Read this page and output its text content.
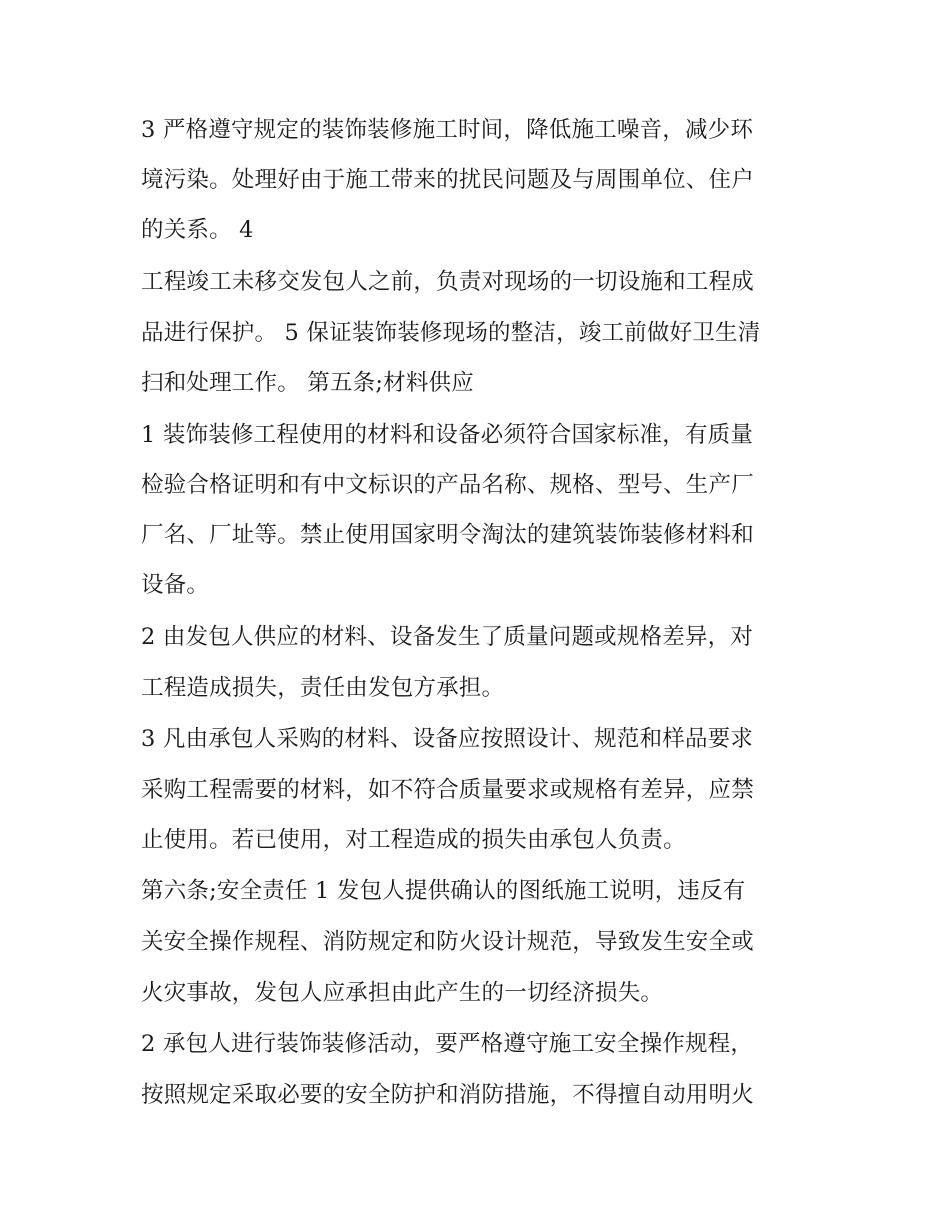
3 严格遵守规定的装饰装修施工时间，降低施工噪音，减少环
境污染。处理好由于施工带来的扰民问题及与周围单位、住户
的关系。 4
工程竣工未移交发包人之前，负责对现场的一切设施和工程成
品进行保护。 5 保证装饰装修现场的整洁，竣工前做好卫生清
扫和处理工作。 第五条;材料供应
1 装饰装修工程使用的材料和设备必须符合国家标准，有质量
检验合格证明和有中文标识的产品名称、规格、型号、生产厂
厂名、厂址等。禁止使用国家明令淘汰的建筑装饰装修材料和
设备。
2 由发包人供应的材料、设备发生了质量问题或规格差异，对
工程造成损失，责任由发包方承担。
3 凡由承包人采购的材料、设备应按照设计、规范和样品要求
采购工程需要的材料，如不符合质量要求或规格有差异，应禁
止使用。若已使用，对工程造成的损失由承包人负责。
第六条;安全责任 1 发包人提供确认的图纸施工说明，违反有
关安全操作规程、消防规定和防火设计规范，导致发生安全或
火灾事故，发包人应承担由此产生的一切经济损失。
2 承包人进行装饰装修活动，要严格遵守施工安全操作规程，
按照规定采取必要的安全防护和消防措施，不得擅自动用明火
